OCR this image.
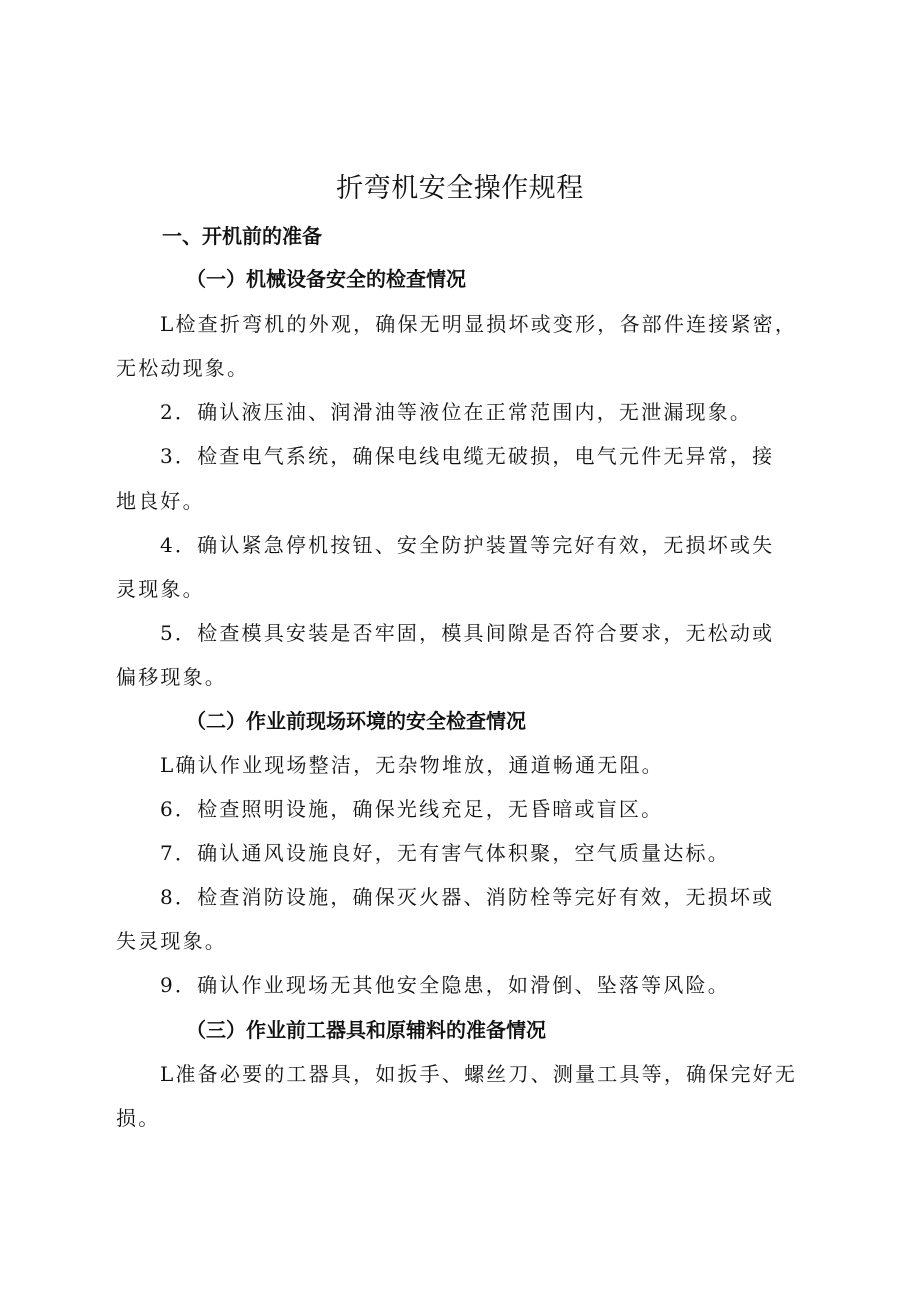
折弯机安全操作规程
一、开机前的准备
（一）机械设备安全的检查情况
L检查折弯机的外观，确保无明显损坏或变形，各部件连接紧密，
无松动现象。
2．确认液压油、润滑油等液位在正常范围内，无泄漏现象。
3．检查电气系统，确保电线电缆无破损，电气元件无异常，接
地良好。
4．确认紧急停机按钮、安全防护装置等完好有效，无损坏或失
灵现象。
5．检查模具安装是否牢固，模具间隙是否符合要求，无松动或
偏移现象。
（二）作业前现场环境的安全检查情况
L确认作业现场整洁，无杂物堆放，通道畅通无阻。
6．检查照明设施，确保光线充足，无昏暗或盲区。
7．确认通风设施良好，无有害气体积聚，空气质量达标。
8．检查消防设施，确保灭火器、消防栓等完好有效，无损坏或
失灵现象。
9．确认作业现场无其他安全隐患，如滑倒、坠落等风险。
（三）作业前工器具和原辅料的准备情况
L准备必要的工器具，如扳手、螺丝刀、测量工具等，确保完好无
损。
